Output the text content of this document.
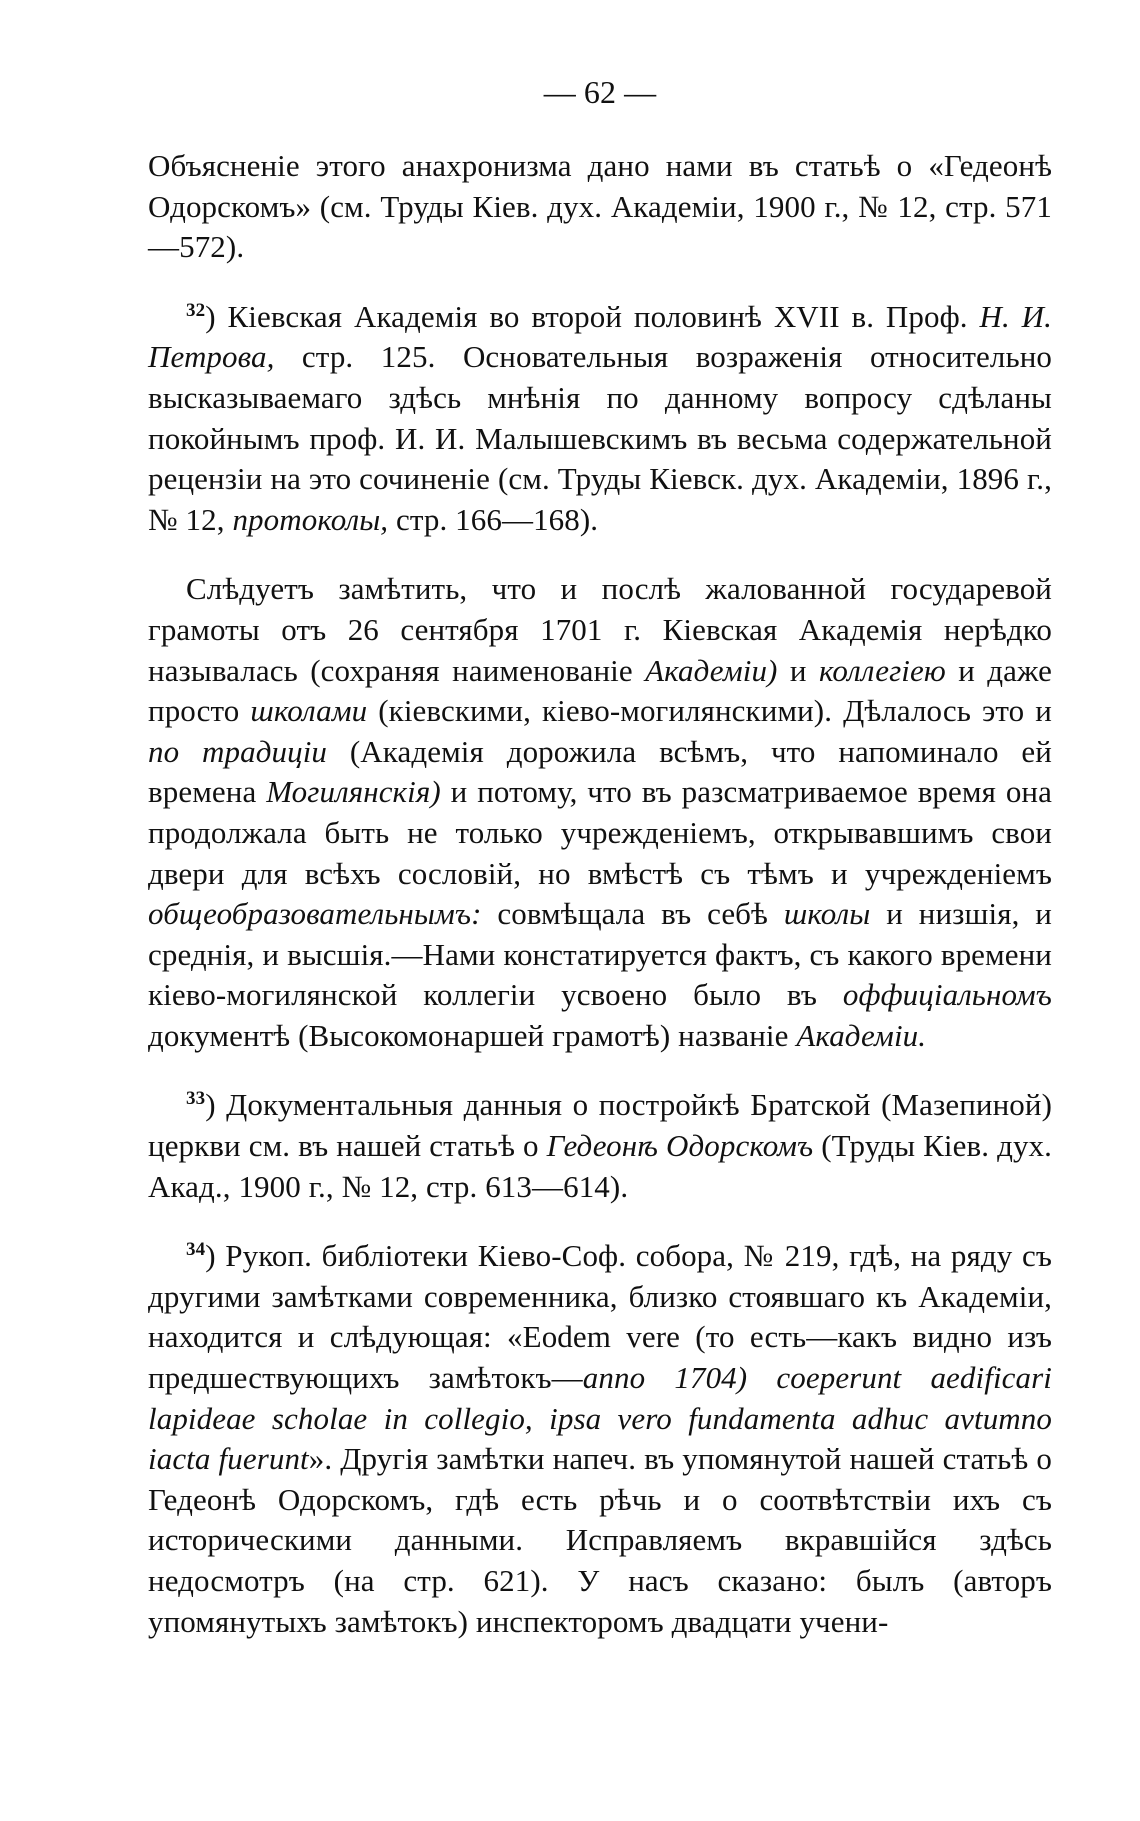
— 62 —

Объясненіе этого анахронизма дано нами въ статьѣ о «Гедеонѣ Одорскомъ» (см. Труды Кіев. дух. Академіи, 1900 г., № 12, стр. 571—572).

$^{32}$) Кіевская Академія во второй половинѣ XVII в. Проф. Н. И. Петрова, стр. 125. Основательныя возраженія относительно высказываемаго здѣсь мнѣнія по данному вопросу сдѣланы покойнымъ проф. И. И. Малышевскимъ въ весьма содержательной рецензіи на это сочиненіе (см. Труды Кіевск. дух. Академіи, 1896 г., № 12, протоколы, стр. 166—168).

Слѣдуетъ замѣтить, что и послѣ жалованной государевой грамоты отъ 26 сентября 1701 г. Кіевская Академія нерѣдко называлась (сохраняя наименованіе Академіи) и коллегіею и даже просто школами (кіевскими, кіево-могилянскими). Дѣлалось это и по традиціи (Академія дорожила всѣмъ, что напоминало ей времена Могилянскія) и потому, что въ разсматриваемое время она продолжала быть не только учрежденіемъ, открывавшимъ свои двери для всѣхъ сословій, но вмѣстѣ съ тѣмъ и учрежденіемъ общеобразовательнымъ: совмѣщала въ себѣ школы и низшія, и среднія, и высшія.—Нами констатируется фактъ, съ какого времени кіево-могилянской коллегіи усвоено было въ оффиціальномъ документѣ (Высокомонаршей грамотѣ) названіе Академіи.

$^{33}$) Документальныя данныя о постройкѣ Братской (Мазепиной) церкви см. въ нашей статьѣ о Гедеонѣ Одорскомъ (Труды Кіев. дух. Акад., 1900 г., № 12, стр. 613—614).

$^{34}$) Рукоп. библіотеки Кіево-Соф. собора, № 219, гдѣ, на ряду съ другими замѣтками современника, близко стоявшаго къ Академіи, находится и слѣдующая: «Eodem vere (то есть—какъ видно изъ предшествующихъ замѣтокъ—anno 1704) coeperunt aedificari lapideae scholae in collegio, ipsa vero fundamenta adhuc avtumno iacta fuerunt». Другія замѣтки напеч. въ упомянутой нашей статьѣ о Гедеонѣ Одорскомъ, гдѣ есть рѣчь и о соотвѣтствіи ихъ съ историческими данными. Исправляемъ вкравшійся здѣсь недосмотръ (на стр. 621). У насъ сказано: былъ (авторъ упомянутыхъ замѣтокъ) инспекторомъ двадцати учени-
